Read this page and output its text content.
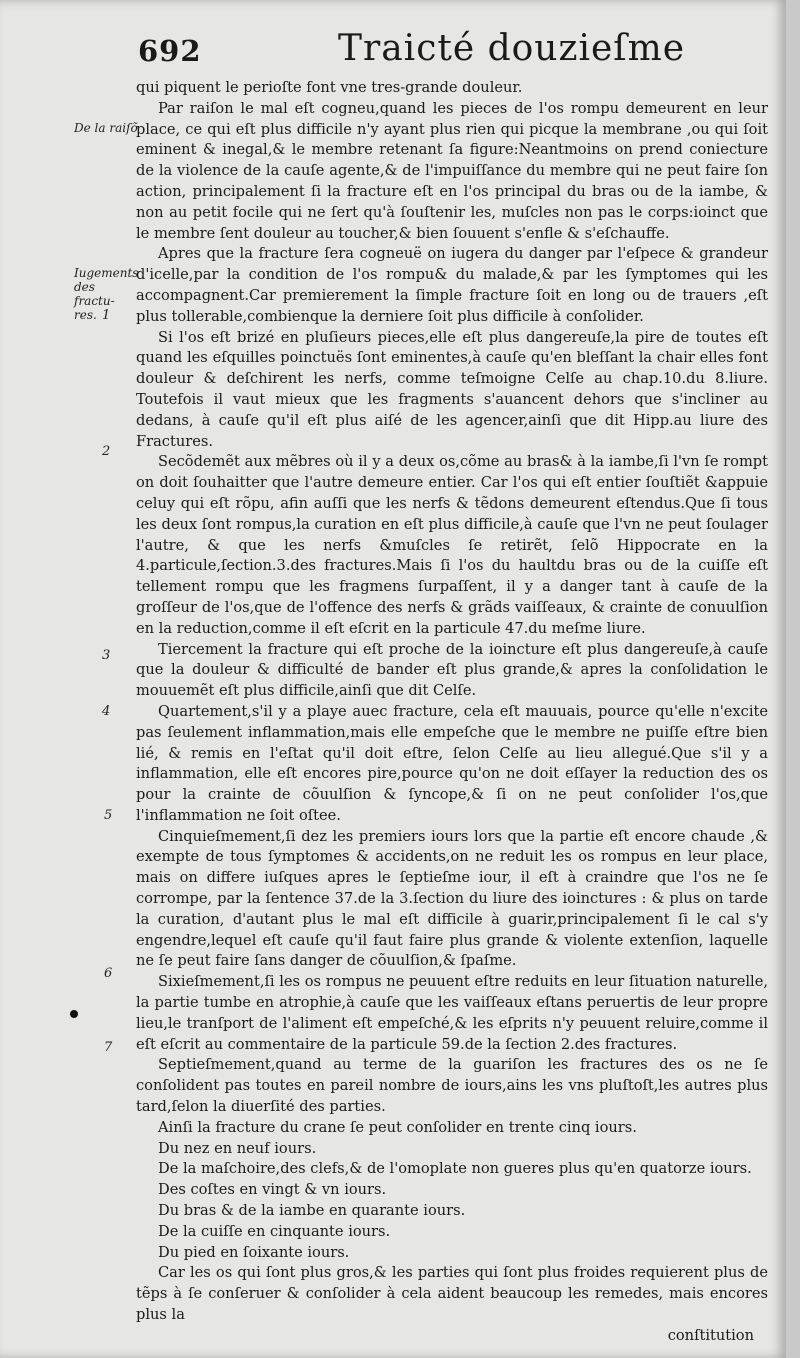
692	Traicté douzieſme
De la raiſõ
Iugements des fractu-res. 1
2
3
4
5
6
7

qui piquent le perioſte font vne tres-grande douleur.

Par raiſon le mal eſt cogneu,quand les pieces de l'os rompu demeurent en leur place, ce qui eſt plus difficile n'y ayant plus rien qui picque la membrane ,ou qui ſoit eminent & inegal,& le membre retenant ſa figure:Neantmoins on prend coniecture de la violence de la cauſe agente,& de l'impuiſſance du membre qui ne peut faire ſon action, principalement ſi la fracture eſt en l'os principal du bras ou de la iambe, & non au petit focile qui ne ſert qu'à ſouſtenir les, muſcles non pas le corps:ioinct que le membre ſent douleur au toucher,& bien ſouuent s'enfle & s'eſchauffe.

Apres que la fracture ſera cogneuë on iugera du danger par l'eſpece & grandeur d'icelle,par la condition de l'os rompu& du malade,& par les ſymptomes qui les accompagnent.Car premierement la ſimple fracture ſoit en long ou de trauers ,eſt plus tollerable,combienque la derniere ſoit plus difficile à conſolider.

Si l'os eſt brizé en pluſieurs pieces,elle eſt plus dangereuſe,la pire de toutes eſt quand les eſquilles poinctuës ſont eminentes,à cauſe qu'en bleſſant la chair elles font douleur & deſchirent les nerfs, comme teſmoigne Celſe au chap.10.du 8.liure. Toutefois il vaut mieux que les fragments s'auancent dehors que s'incliner au dedans, à cauſe qu'il eſt plus aiſé de les agencer,ainſi que dit Hipp.au liure des Fractures.

Secõdemẽt aux mẽbres où il y a deux os,cõme au bras& à la iambe,ſi l'vn ſe rompt on doit ſouhaitter que l'autre demeure entier. Car l'os qui eſt entier ſouſtiẽt &appuie celuy qui eſt rõpu, afin auſſi que les nerfs & tẽdons demeurent eſtendus.Que ſi tous les deux ſont rompus,la curation en eſt plus difficile,à cauſe que l'vn ne peut ſoulager l'autre, & que les nerfs &muſcles ſe retirẽt, ſelõ Hippocrate en la 4.particule,ſection.3.des fractures.Mais ſi l'os du haultdu bras ou de la cuiſſe eſt tellement rompu que les fragmens ſurpaſſent, il y a danger tant à cauſe de la groſſeur de l'os,que de l'offence des nerfs & grãds vaiſſeaux, & crainte de conuulſion en la reduction,comme il eſt eſcrit en la particule 47.du meſme liure.

Tiercement la fracture qui eſt proche de la ioincture eſt plus dangereuſe,à cauſe que la douleur & difficulté de bander eſt plus grande,& apres la conſolidation le mouuemẽt eſt plus difficile,ainſi que dit Celſe.

Quartement,s'il y a playe auec fracture, cela eſt mauuais, pource qu'elle n'excite pas ſeulement inflammation,mais elle empeſche que le membre ne puiſſe eſtre bien lié, & remis en l'eſtat qu'il doit eſtre, ſelon Celſe au lieu allegué.Que s'il y a inflammation, elle eſt encores pire,pource qu'on ne doit eſſayer la reduction des os pour la crainte de cõuulſion & ſyncope,& ſi on ne peut conſolider l'os,que l'inflammation ne ſoit oſtee.

Cinquieſmement,ſi dez les premiers iours lors que la partie eſt encore chaude ,& exempte de tous ſymptomes & accidents,on ne reduit les os rompus en leur place, mais on differe iuſques apres le ſeptieſme iour, il eſt à craindre que l'os ne ſe corrompe, par la ſentence 37.de la 3.ſection du liure des ioinctures : & plus on tarde la curation, d'autant plus le mal eſt difficile à guarir,principalement ſi le cal s'y engendre,lequel eſt cauſe qu'il faut faire plus grande & violente extenſion, laquelle ne ſe peut faire ſans danger de cõuulſion,& ſpaſme.

Sixieſmement,ſi les os rompus ne peuuent eſtre reduits en leur ſituation naturelle, la partie tumbe en atrophie,à cauſe que les vaiſſeaux eſtans peruertis de leur propre lieu,le tranſport de l'aliment eſt empeſché,& les eſprits n'y peuuent reluire,comme il eſt eſcrit au commentaire de la particule 59.de la ſection 2.des fractures.

Septieſmement,quand au terme de la guariſon les fractures des os ne ſe conſolident pas toutes en pareil nombre de iours,ains les vns pluſtoſt,les autres plus tard,ſelon la diuerſité des parties.

Ainſi la fracture du crane ſe peut conſolider en trente cinq iours.

Du nez en neuf iours.

De la maſchoire,des clefs,& de l'omoplate non gueres plus qu'en quatorze iours.

Des coſtes en vingt & vn iours.

Du bras & de la iambe en quarante iours.

De la cuiſſe en cinquante iours.

Du pied en ſoixante iours.

Car les os qui ſont plus gros,& les parties qui ſont plus froides requierent plus de tẽps à ſe conſeruer & conſolider à cela aident beaucoup les remedes, mais encores plus la

conſtitution
